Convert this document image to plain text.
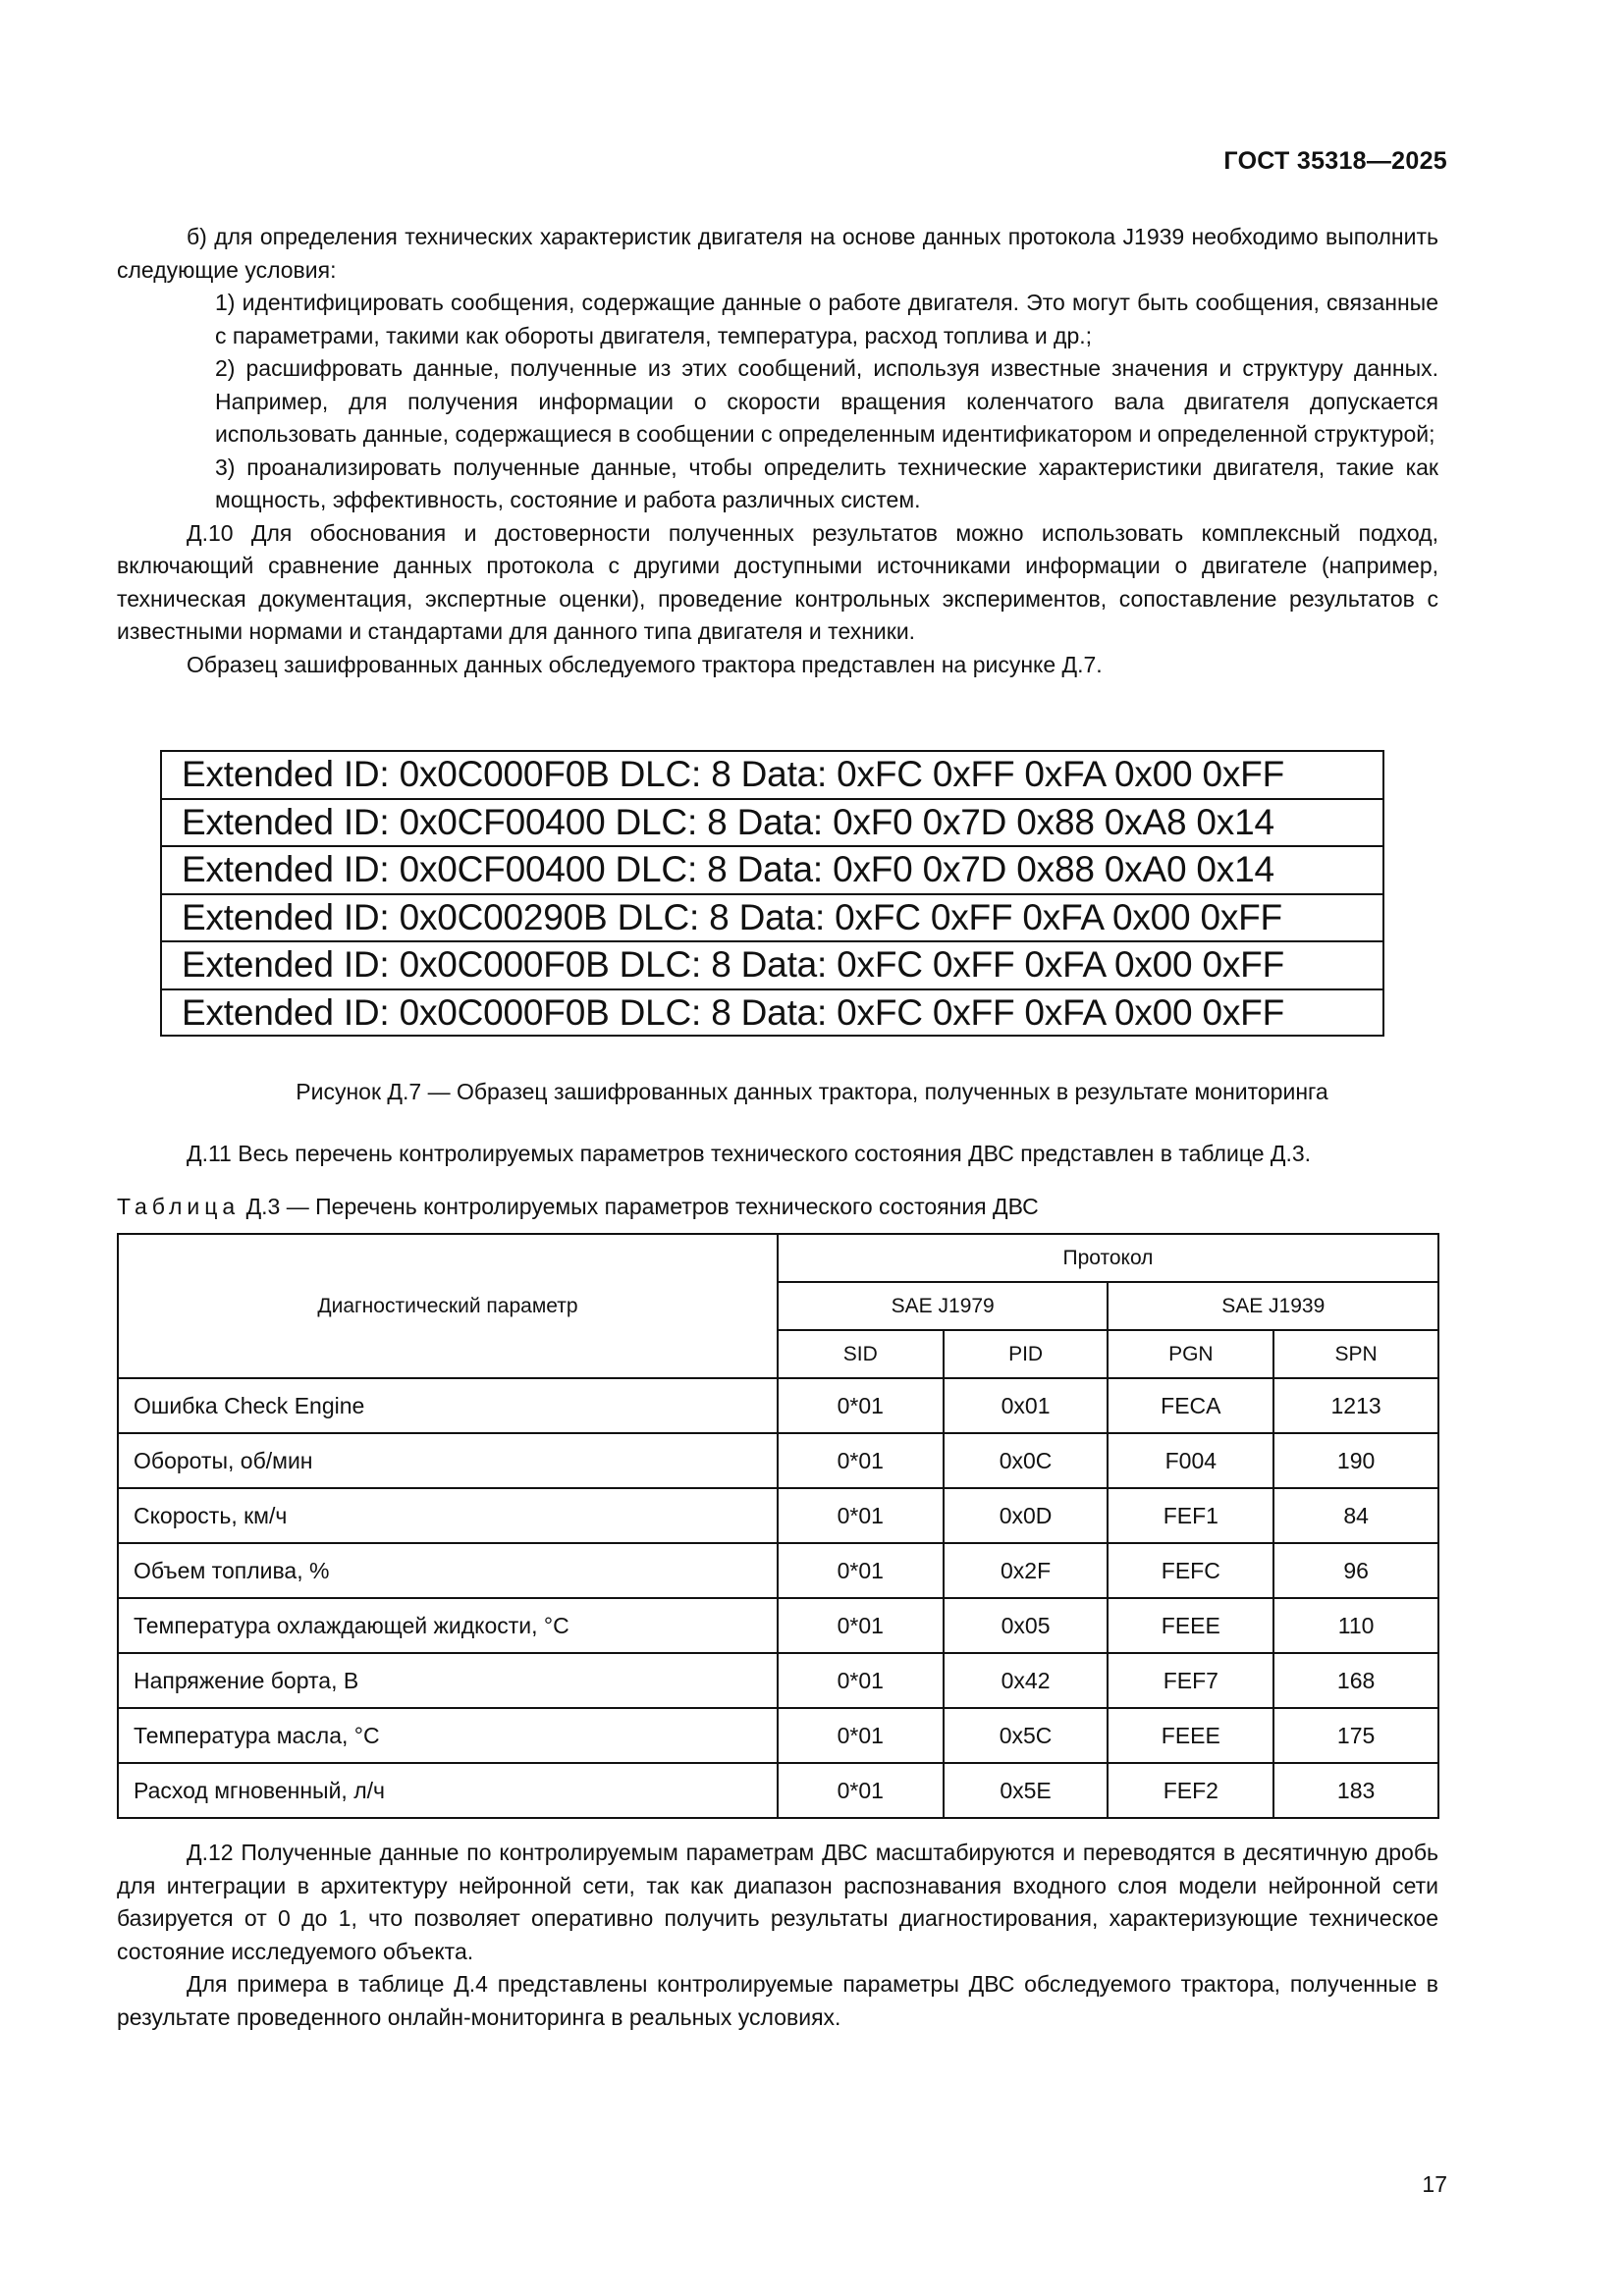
ГОСТ 35318—2025

б) для определения технических характеристик двигателя на основе данных протокола J1939 необходимо выполнить следующие условия:

1) идентифицировать сообщения, содержащие данные о работе двигателя. Это могут быть сообщения, связанные с параметрами, такими как обороты двигателя, температура, расход топлива и др.;

2) расшифровать данные, полученные из этих сообщений, используя известные значения и структуру данных. Например, для получения информации о скорости вращения коленчатого вала двигателя допускается использовать данные, содержащиеся в сообщении с определенным идентификатором и определенной структурой;

3) проанализировать полученные данные, чтобы определить технические характеристики двигателя, такие как мощность, эффективность, состояние и работа различных систем.

Д.10 Для обоснования и достоверности полученных результатов можно использовать комплексный подход, включающий сравнение данных протокола с другими доступными источниками информации о двигателе (например, техническая документация, экспертные оценки), проведение контрольных экспериментов, сопоставление результатов с известными нормами и стандартами для данного типа двигателя и техники.

Образец зашифрованных данных обследуемого трактора представлен на рисунке Д.7.

Extended ID: 0x0C000F0B DLC: 8 Data: 0xFC 0xFF 0xFA 0x00 0xFF
Extended ID: 0x0CF00400 DLC: 8 Data: 0xF0 0x7D 0x88 0xA8 0x14
Extended ID: 0x0CF00400 DLC: 8 Data: 0xF0 0x7D 0x88 0xA0 0x14
Extended ID: 0x0C00290B DLC: 8 Data: 0xFC 0xFF 0xFA 0x00 0xFF
Extended ID: 0x0C000F0B DLC: 8 Data: 0xFC 0xFF 0xFA 0x00 0xFF
Extended ID: 0x0C000F0B DLC: 8 Data: 0xFC 0xFF 0xFA 0x00 0xFF
Рисунок Д.7 — Образец зашифрованных данных трактора, полученных в результате мониторинга
Д.11 Весь перечень контролируемых параметров технического состояния ДВС представлен в таблице Д.3.
Таблица Д.3 — Перечень контролируемых параметров технического состояния ДВС
Диагностический параметр	Протокол			
	SAE J1979		SAE J1939	
	SID	PID	PGN	SPN
Ошибка Check Engine	0*01	0x01	FECA	1213
Обороты, об/мин	0*01	0x0C	F004	190
Скорость, км/ч	0*01	0x0D	FEF1	84
Объем топлива, %	0*01	0x2F	FEFC	96
Температура охлаждающей жидкости, °С	0*01	0x05	FEEE	110
Напряжение борта, В	0*01	0x42	FEF7	168
Температура масла, °С	0*01	0x5C	FEEE	175
Расход мгновенный, л/ч	0*01	0x5E	FEF2	183

Д.12 Полученные данные по контролируемым параметрам ДВС масштабируются и переводятся в десятичную дробь для интеграции в архитектуру нейронной сети, так как диапазон распознавания входного слоя модели нейронной сети базируется от 0 до 1, что позволяет оперативно получить результаты диагностирования, характеризующие техническое состояние исследуемого объекта.

Для примера в таблице Д.4 представлены контролируемые параметры ДВС обследуемого трактора, полученные в результате проведенного онлайн-мониторинга в реальных условиях.

17
